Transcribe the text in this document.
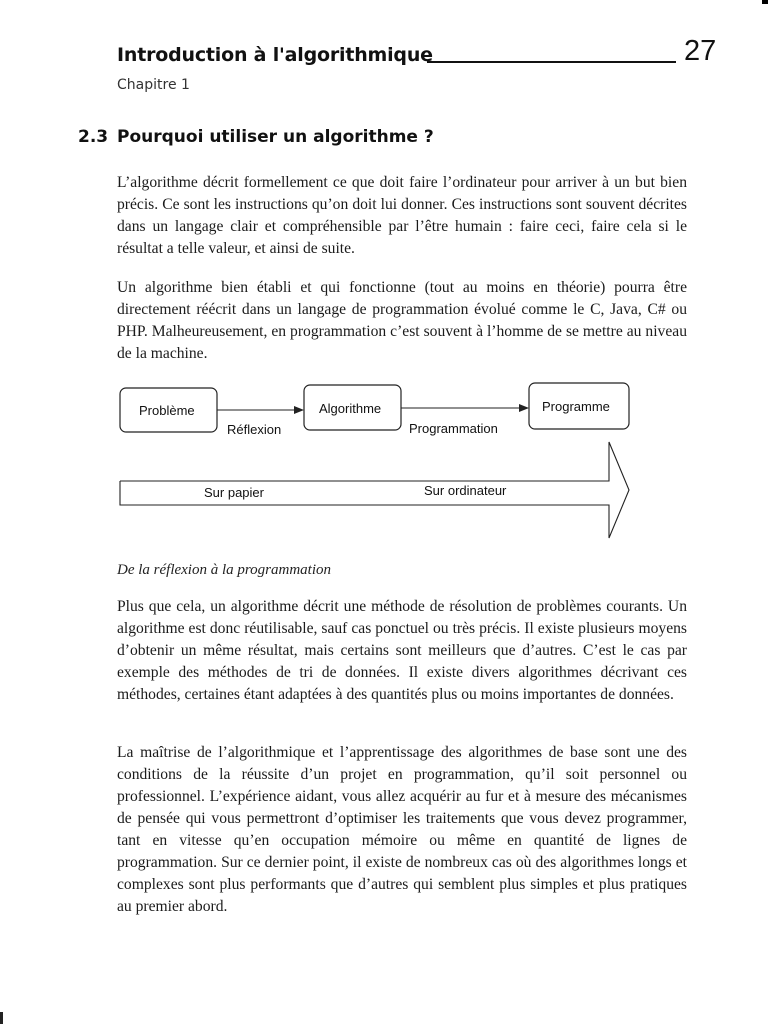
Introduction à l'algorithmique	27
Chapitre 1
2.3 Pourquoi utiliser un algorithme ?

L’algorithme décrit formellement ce que doit faire l’ordinateur pour arriver à un but bien précis. Ce sont les instructions qu’on doit lui donner. Ces instructions sont souvent décrites dans un langage clair et compréhensible par l’être humain : faire ceci, faire cela si le résultat a telle valeur, et ainsi de suite.

Un algorithme bien établi et qui fonctionne (tout au moins en théorie) pourra être directement réécrit dans un langage de programmation évolué comme le C, Java, C# ou PHP. Malheureusement, en programmation c’est souvent à l’homme de se mettre au niveau de la machine.

Problème	Algorithme	Programme
Réflexion	Programmation
Sur papier	Sur ordinateur
De la réflexion à la programmation

Plus que cela, un algorithme décrit une méthode de résolution de problèmes courants. Un algorithme est donc réutilisable, sauf cas ponctuel ou très précis. Il existe plusieurs moyens d’obtenir un même résultat, mais certains sont meilleurs que d’autres. C’est le cas par exemple des méthodes de tri de données. Il existe divers algorithmes décrivant ces méthodes, certaines étant adaptées à des quantités plus ou moins importantes de données.

La maîtrise de l’algorithmique et l’apprentissage des algorithmes de base sont une des conditions de la réussite d’un projet en programmation, qu’il soit personnel ou professionnel. L’expérience aidant, vous allez acquérir au fur et à mesure des mécanismes de pensée qui vous permettront d’optimiser les traitements que vous devez programmer, tant en vitesse qu’en occupation mémoire ou même en quantité de lignes de programmation. Sur ce dernier point, il existe de nombreux cas où des algorithmes longs et complexes sont plus performants que d’autres qui semblent plus simples et plus pratiques au premier abord.
